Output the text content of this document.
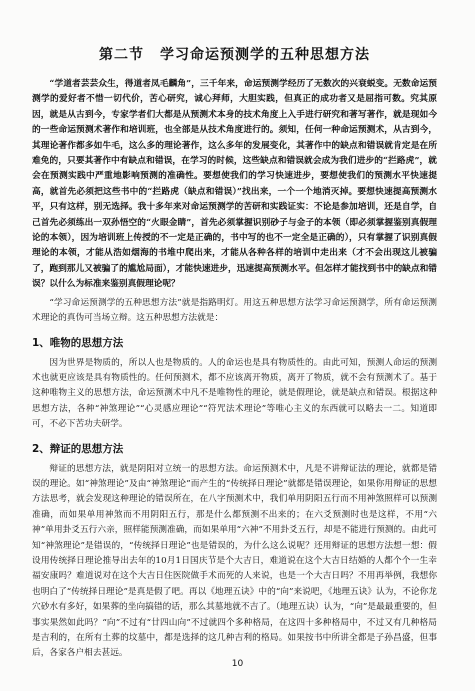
第二节 学习命运预测学的五种思想方法

“学道者芸芸众生，得道者凤毛麟角”，三千年来，命运预测学经历了无数次的兴衰蜕变。无数命运预测学的爱好者不惜一切代价，苦心研究，诚心拜师，大胆实践，但真正的成功者又是屈指可数。究其原因，就是从古到今，专家学者们大都是从预测术本身的技术角度上入手进行研究和著写著作，就是现如今的一些命运预测术著作和培训班，也全部是从技术角度进行的。须知，任何一种命运预测术，从古到今，其理论著作都多如牛毛，这么多的理论著作，这么多年的发展变化，其著作中的缺点和错误就肯定是在所难免的，只要其著作中有缺点和错误，在学习的时候，这些缺点和错误就会成为我们进步的“拦路虎”，就会在预测实践中严重地影响预测的准确性。要想使我们的学习快速进步，要想使我们的预测水平快速提高，就首先必须把这些书中的“拦路虎（缺点和错误）”找出来，一个一个地消灭掉。要想快速提高预测水平，只有这样，别无选择。我十多年来对命运预测学的苦研和实践证实：不论是参加培训，还是自学，自己首先必须练出一双孙悟空的“火眼金睛”，首先必须掌握识别砂子与金子的本领（即必须掌握鉴别真假理论的本领），因为培训班上传授的不一定是正确的，书中写的也不一定全是正确的），只有掌握了识别真假理论的本领，才能从浩如烟海的书堆中爬出来，才能从各种各样的培训中走出来（才不会出现这儿被骗了，跑到那儿又被骗了的尴尬局面），才能快速进步，迅速提高预测水平。但怎样才能找到书中的缺点和错误？以什么为标准来鉴别真假理论呢？

“学习命运预测学的五种思想方法”就是指路明灯。用这五种思想方法学习命运预测学，所有命运预测术理论的真伪可当场立辩。这五种思想方法就是：

1、唯物的思想方法

因为世界是物质的，所以人也是物质的。人的命运也是具有物质性的。由此可知，预测人命运的预测术也就更应该是具有物质性的。任何预测术，都不应该离开物质，离开了物质，就不会有预测术了。基于这种唯物主义的思想方法，命运预测术中凡不是唯物性的理论，就是假理论，就是缺点和错误。根据这种思想方法，各种“神煞理论”“心灵感应理论”“符咒法术理论”等唯心主义的东西就可以略去一二。知道即可，不必下苦功夫研学。

2、辩证的思想方法

辩证的思想方法，就是阴阳对立统一的思想方法。命运预测术中，凡是不讲辩证法的理论，就都是错误的理论。如“神煞理论”及由“神煞理论”而产生的“传统择日理论”就都是错误理论，如果你用辩证的思想方法思考，就会发现这种理论的错误所在，在八字预测术中，我们单用阴阳五行而不用神煞照样可以预测准确，而如果单用神煞而不用阴阳五行，那是什么都预测不出来的；在六爻预测时也是这样，不用“六神”单用卦爻五行六亲，照样能预测准确，而如果单用“六神”不用卦爻五行，却是不能进行预测的。由此可知“神煞理论”是错误的，“传统择日理论”也是错误的，为什么这么说呢？还用辩证的思想方法想一想：假设用传统择日理论推导出去年的10月1日国庆节是个大吉日，难道说在这个大吉日结婚的人都个个一生幸福安康吗？难道说对在这个大吉日住医院做手术而死的人来说，也是一个大吉日吗？不用再举例，我想你也明白了“传统择日理论”是真是假了吧。再以《地理五诀》中的“向”来说吧，《地理五诀》认为，不论你龙穴砂水有多好，如果葬的坐向搞错的话，那么其墓地就不吉了。（地理五诀）认为，“向”是最最重要的，但事实果然如此吗？“向”不过有“廿四山向”不过就四个多种格局，在这四十多种格局中，不过又有几种格局是吉利的，在所有土葬的坟墓中，都是选择的这几种吉利的格局。如果按书中所讲全都是子孙昌盛，但事后，各家各户相去甚远。

10
